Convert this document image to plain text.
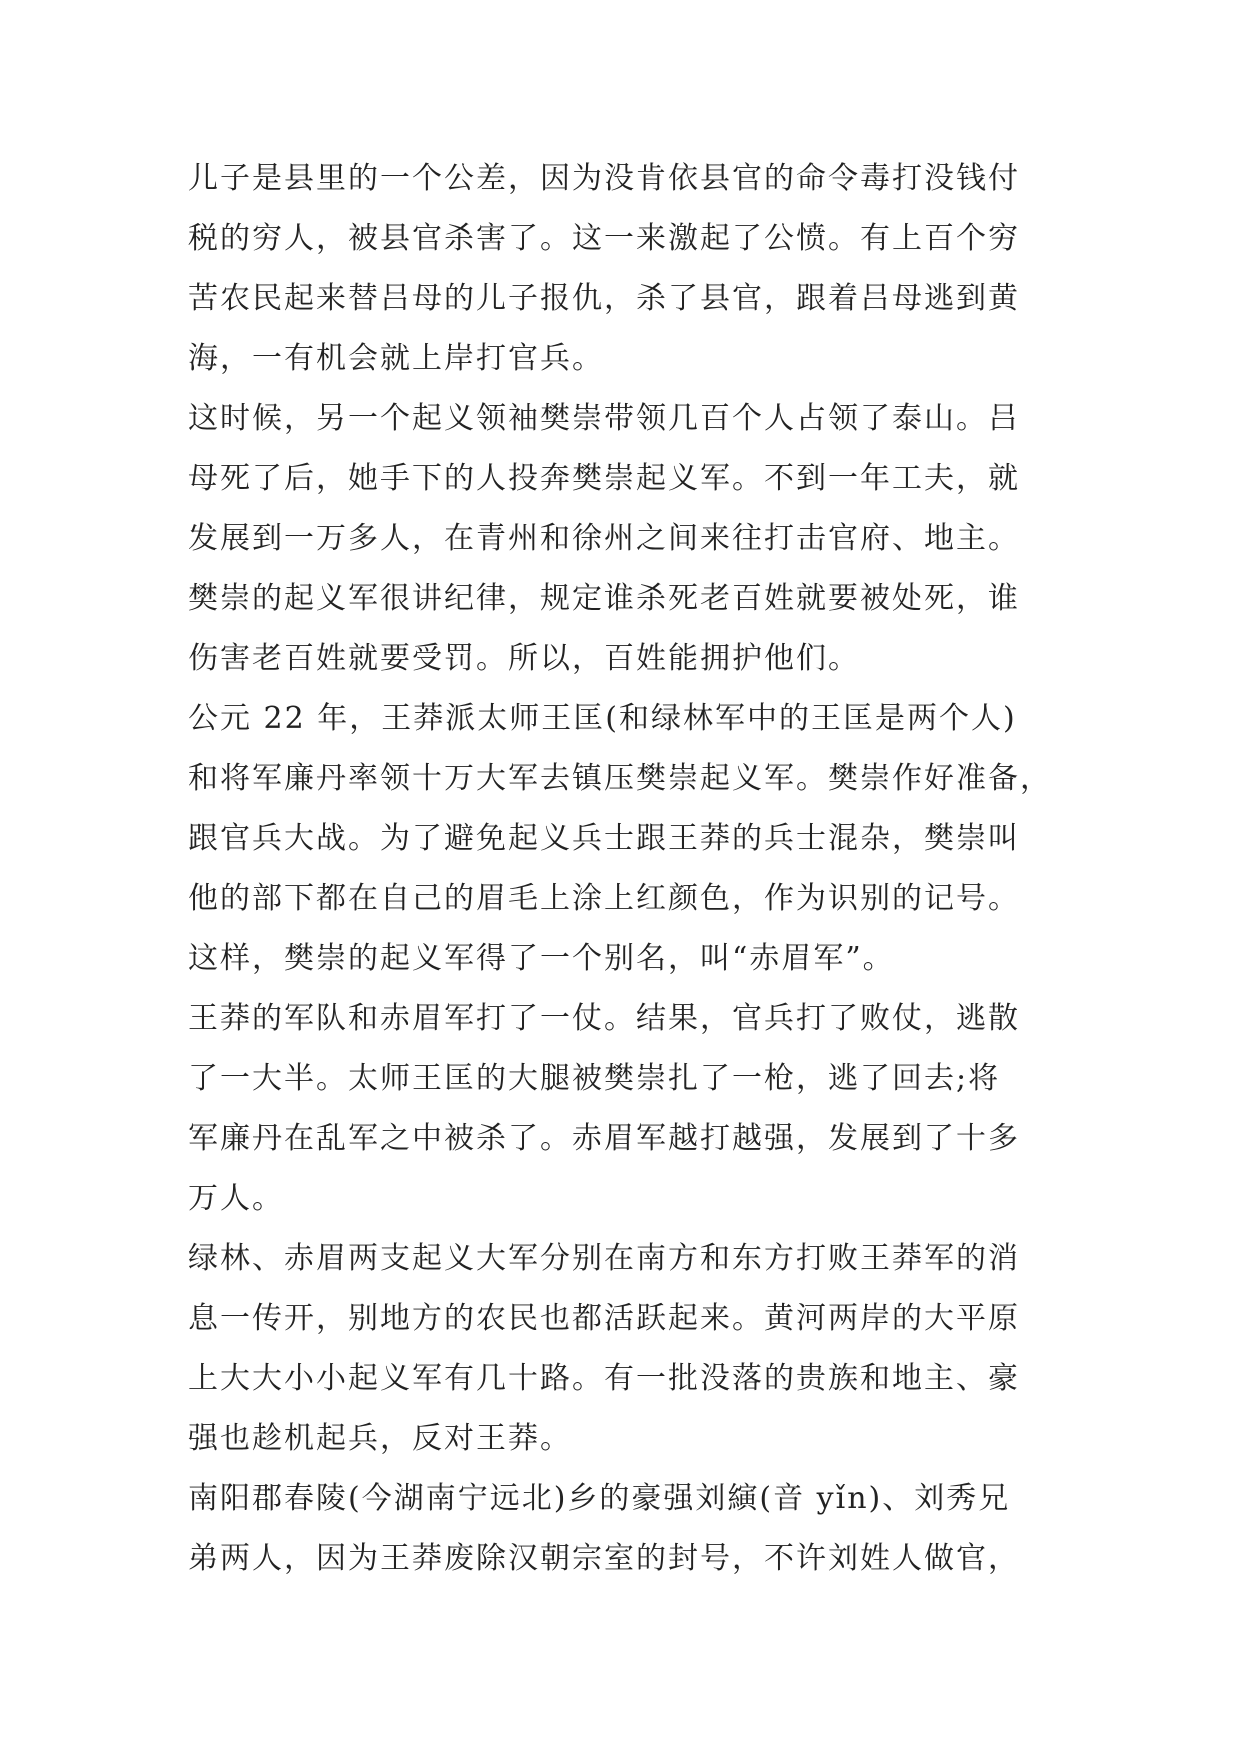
儿子是县里的一个公差，因为没肯依县官的命令毒打没钱付
税的穷人，被县官杀害了。这一来激起了公愤。有上百个穷
苦农民起来替吕母的儿子报仇，杀了县官，跟着吕母逃到黄
海，一有机会就上岸打官兵。
这时候，另一个起义领袖樊崇带领几百个人占领了泰山。吕
母死了后，她手下的人投奔樊崇起义军。不到一年工夫，就
发展到一万多人，在青州和徐州之间来往打击官府、地主。
樊崇的起义军很讲纪律，规定谁杀死老百姓就要被处死，谁
伤害老百姓就要受罚。所以，百姓能拥护他们。
公元 22 年，王莽派太师王匡(和绿林军中的王匡是两个人)
和将军廉丹率领十万大军去镇压樊崇起义军。樊崇作好准备，
跟官兵大战。为了避免起义兵士跟王莽的兵士混杂，樊崇叫
他的部下都在自己的眉毛上涂上红颜色，作为识别的记号。
这样，樊崇的起义军得了一个别名，叫“赤眉军”。
王莽的军队和赤眉军打了一仗。结果，官兵打了败仗，逃散
了一大半。太师王匡的大腿被樊崇扎了一枪，逃了回去;将
军廉丹在乱军之中被杀了。赤眉军越打越强，发展到了十多
万人。
绿林、赤眉两支起义大军分别在南方和东方打败王莽军的消
息一传开，别地方的农民也都活跃起来。黄河两岸的大平原
上大大小小起义军有几十路。有一批没落的贵族和地主、豪
强也趁机起兵，反对王莽。
南阳郡春陵(今湖南宁远北)乡的豪强刘縯(音 yǐn)、刘秀兄
弟两人，因为王莽废除汉朝宗室的封号，不许刘姓人做官，
